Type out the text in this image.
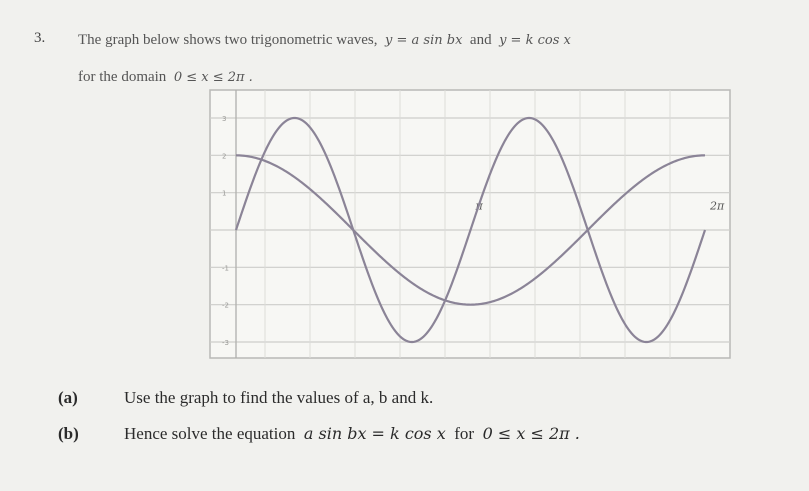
3. The graph below shows two trigonometric waves, y = a sin bx and y = k cos x
for the domain 0 ≤ x ≤ 2π .
3
2
1
-1
-2
-3
π	2π
(a)	Use the graph to find the values of a, b and k.
(b)	Hence solve the equation a sin bx = k cos x for 0 ≤ x ≤ 2π .
